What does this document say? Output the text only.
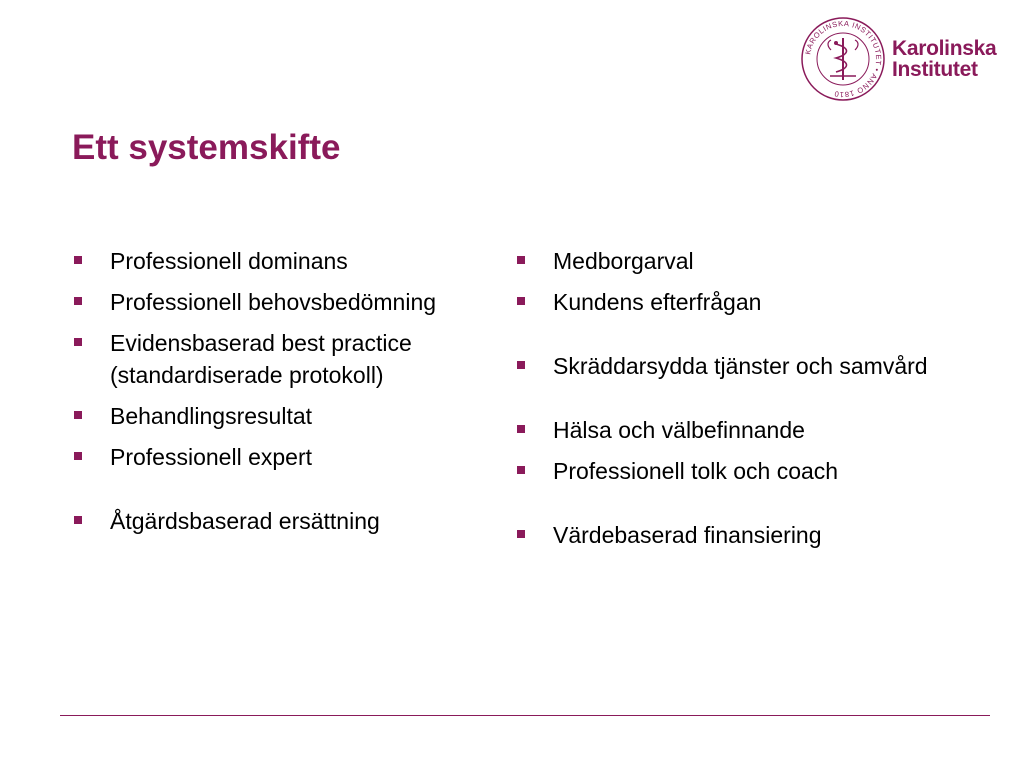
KAROLINSKA INSTITUTET • ANNO 1810
Karolinska
Institutet
Ett systemskifte
Professionell dominans
Professionell behovsbedömning
Evidensbaserad best practice (standardiserade protokoll)
Behandlingsresultat
Professionell expert
Åtgärdsbaserad ersättning
Medborgarval
Kundens efterfrågan
Skräddarsydda tjänster och samvård
Hälsa och välbefinnande
Professionell tolk och coach
Värdebaserad finansiering
